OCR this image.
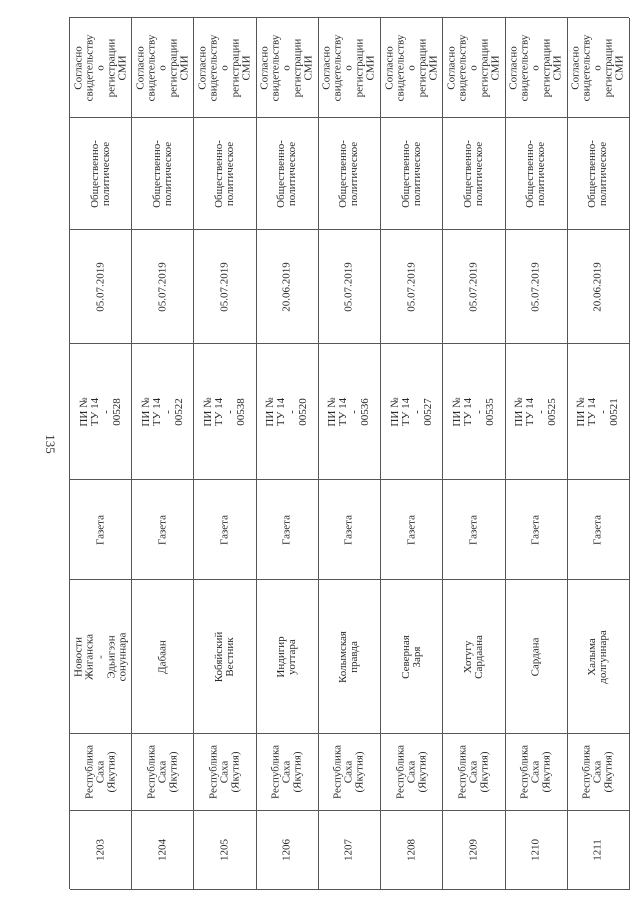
135
Согласно
свидетельству о
регистрации СМИ
Общественно-
политическое
05.07.2019
ПИ № ТУ 14 - 00528
Газета
Новости Жиганска -
Эдьигээн сонуннара
Республика
Саха (Якутия)
1203
Согласно
свидетельству о
регистрации СМИ
Общественно-
политическое
05.07.2019
ПИ № ТУ 14 - 00522
Газета
Дабаан
Республика
Саха (Якутия)
1204
Согласно
свидетельству о
регистрации СМИ
Общественно-
политическое
05.07.2019
ПИ № ТУ 14 - 00538
Газета
Кобяйский Вестник
Республика
Саха (Якутия)
1205
Согласно
свидетельству о
регистрации СМИ
Общественно-
политическое
20.06.2019
ПИ № ТУ 14 - 00520
Газета
Индигир уоттара
Республика
Саха (Якутия)
1206
Согласно
свидетельству о
регистрации СМИ
Общественно-
политическое
05.07.2019
ПИ № ТУ 14 - 00536
Газета
Колымская правда
Республика
Саха (Якутия)
1207
Согласно
свидетельству о
регистрации СМИ
Общественно-
политическое
05.07.2019
ПИ № ТУ 14 - 00527
Газета
Северная Заря
Республика
Саха (Якутия)
1208
Согласно
свидетельству о
регистрации СМИ
Общественно-
политическое
05.07.2019
ПИ № ТУ 14 - 00535
Газета
Хотугу Сардаана
Республика
Саха (Якутия)
1209
Согласно
свидетельству о
регистрации СМИ
Общественно-
политическое
05.07.2019
ПИ № ТУ 14 - 00525
Газета
Сардана
Республика
Саха (Якутия)
1210
Согласно
свидетельству о
регистрации СМИ
Общественно-
политическое
20.06.2019
ПИ № ТУ 14 - 00521
Газета
Халыма долгуннара
Республика
Саха (Якутия)
1211
